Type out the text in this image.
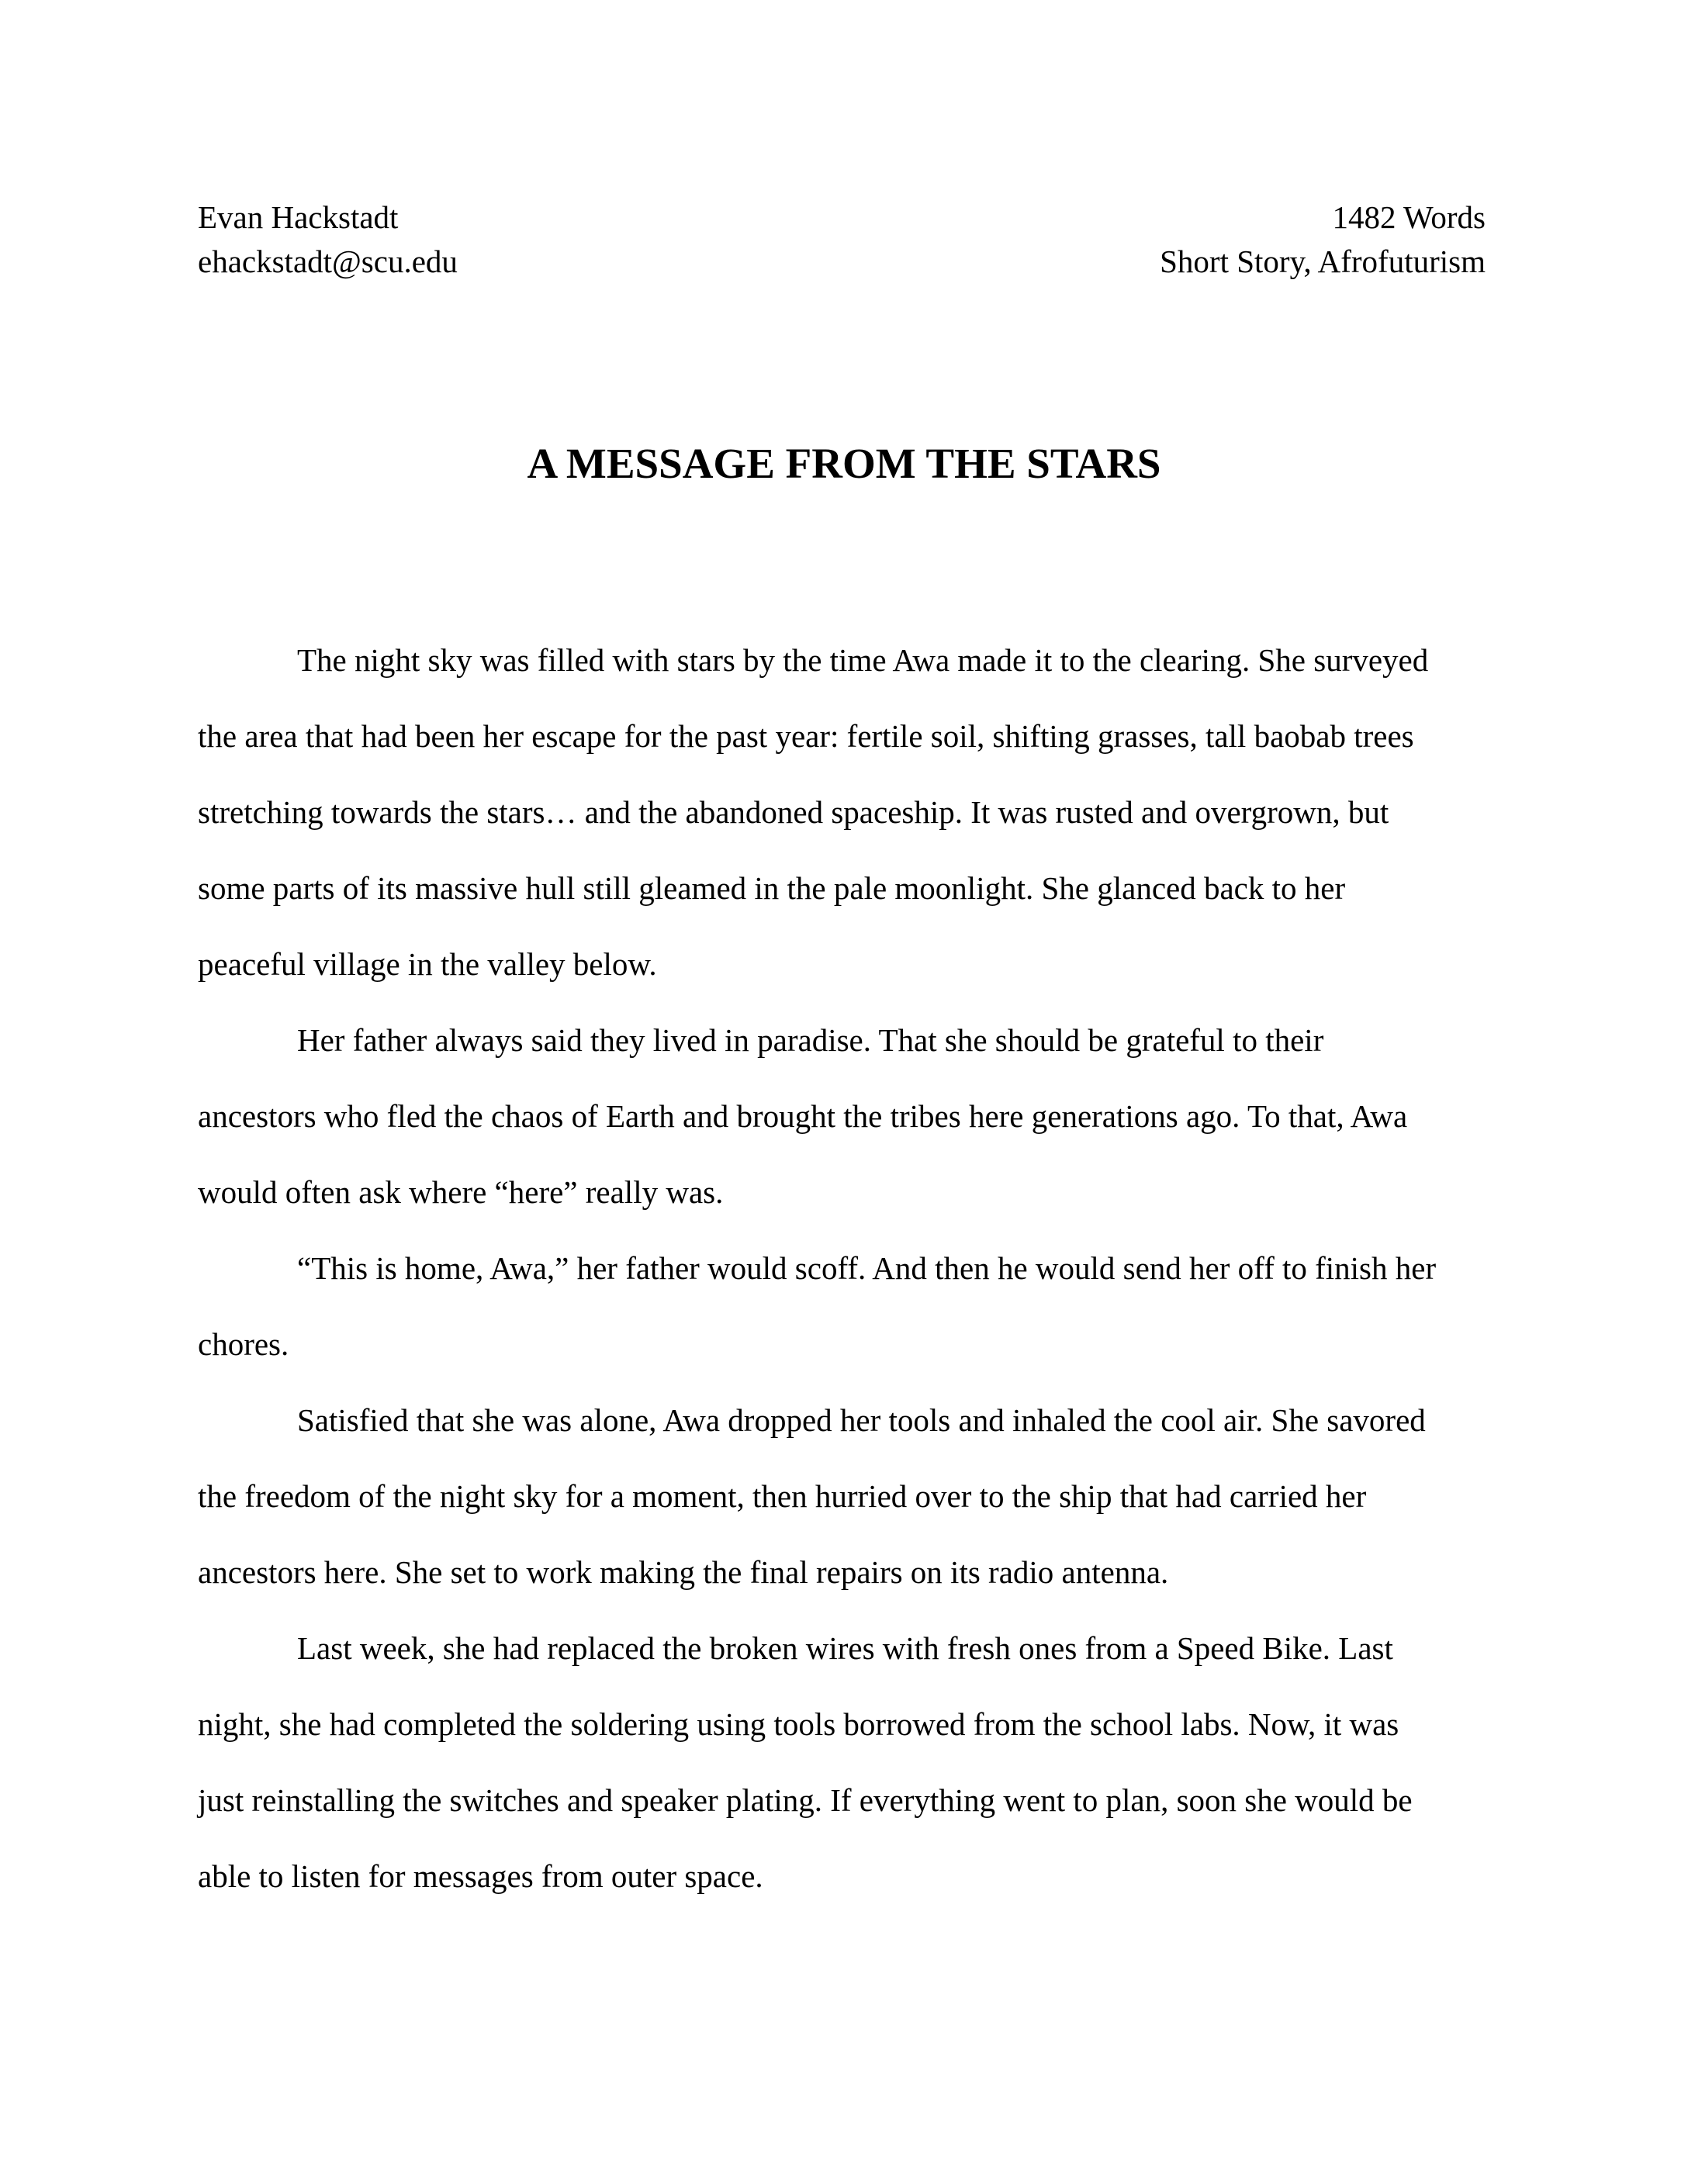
Evan Hackstadt
ehackstadt@scu.edu
1482 Words
Short Story, Afrofuturism
A MESSAGE FROM THE STARS
The night sky was filled with stars by the time Awa made it to the clearing. She surveyed
the area that had been her escape for the past year: fertile soil, shifting grasses, tall baobab trees
stretching towards the stars… and the abandoned spaceship. It was rusted and overgrown, but
some parts of its massive hull still gleamed in the pale moonlight. She glanced back to her
peaceful village in the valley below.
Her father always said they lived in paradise. That she should be grateful to their
ancestors who fled the chaos of Earth and brought the tribes here generations ago. To that, Awa
would often ask where “here” really was.
“This is home, Awa,” her father would scoff. And then he would send her off to finish her
chores.
Satisfied that she was alone, Awa dropped her tools and inhaled the cool air. She savored
the freedom of the night sky for a moment, then hurried over to the ship that had carried her
ancestors here. She set to work making the final repairs on its radio antenna.
Last week, she had replaced the broken wires with fresh ones from a Speed Bike. Last
night, she had completed the soldering using tools borrowed from the school labs. Now, it was
just reinstalling the switches and speaker plating. If everything went to plan, soon she would be
able to listen for messages from outer space.
